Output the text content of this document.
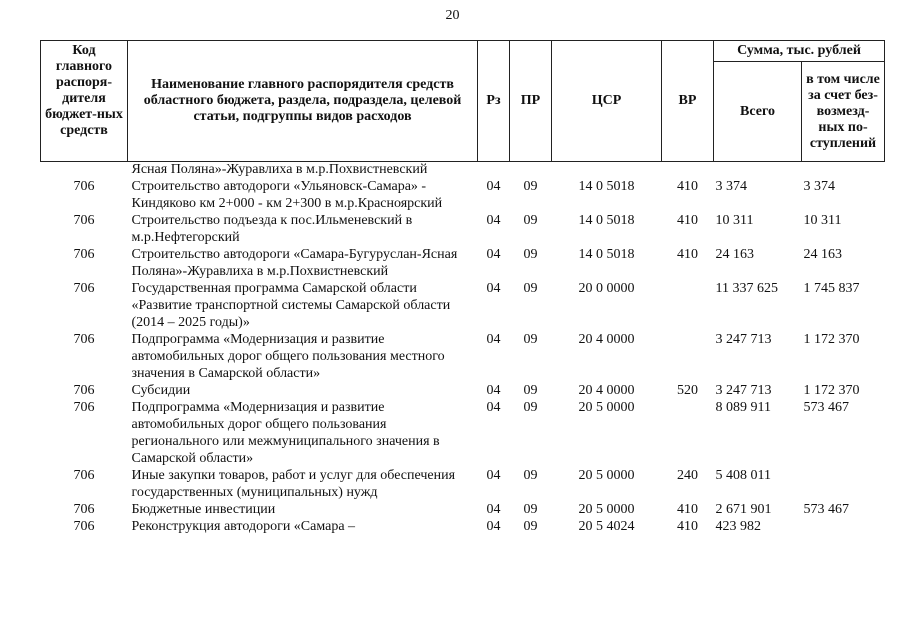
20
Код главного распоря-дителя бюджет-ных средств	Наименование главного распорядителя средств областного бюджета, раздела, подраздела, целевой статьи, подгруппы видов расходов	Рз	ПР	ЦСР	ВР	Сумма, тыс. рублей	
						Всего	в том числе за счет без-возмезд-ных по-ступлений
	Ясная Поляна»-Журавлиха в м.р.Похвистневский						
706	Строительство автодороги «Ульяновск-Самара» - Киндяково км 2+000 - км 2+300 в м.р.Красноярский	04	09	14 0 5018	410	3 374	3 374
706	Строительство подъезда к пос.Ильменевский в м.р.Нефтегорский	04	09	14 0 5018	410	10 311	10 311
706	Строительство автодороги «Самара-Бугуруслан-Ясная Поляна»-Журавлиха в м.р.Похвистневский	04	09	14 0 5018	410	24 163	24 163
706	Государственная программа Самарской области «Развитие транспортной системы Самарской области (2014 – 2025 годы)»	04	09	20 0 0000		11 337 625	1 745 837
706	Подпрограмма «Модернизация и развитие автомобильных дорог общего пользования местного значения в Самарской области»	04	09	20 4 0000		3 247 713	1 172 370
706	Субсидии	04	09	20 4 0000	520	3 247 713	1 172 370
706	Подпрограмма «Модернизация и развитие автомобильных дорог общего пользования регионального или межмуниципального значения в Самарской области»	04	09	20 5 0000		8 089 911	573 467
706	Иные закупки товаров, работ и услуг для обеспечения государственных (муниципальных) нужд	04	09	20 5 0000	240	5 408 011	
706	Бюджетные инвестиции	04	09	20 5 0000	410	2 671 901	573 467
706	Реконструкция автодороги «Самара –	04	09	20 5 4024	410	423 982	
